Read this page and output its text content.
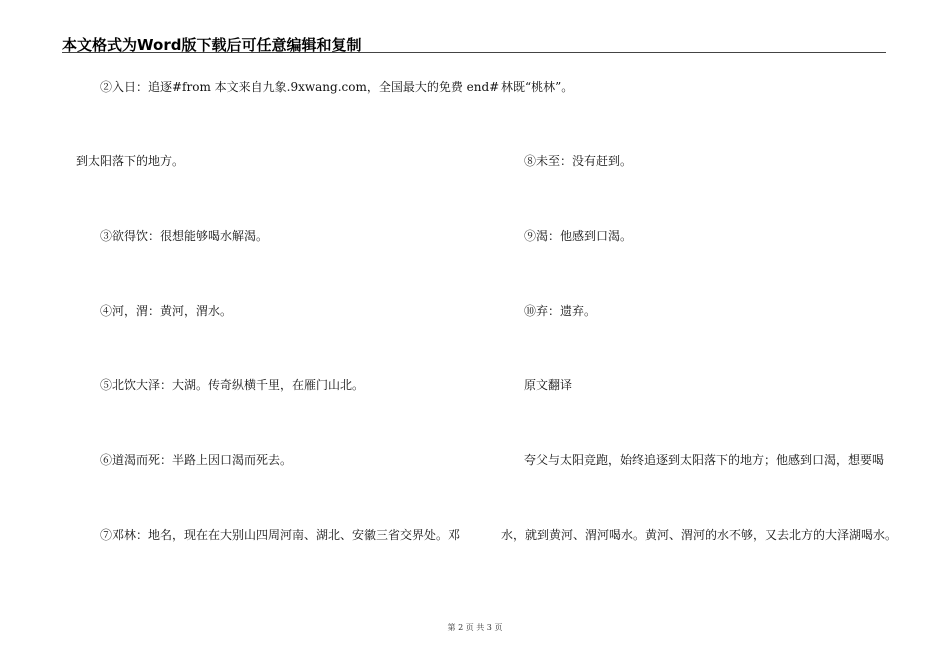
本文格式为Word版下载后可任意编辑和复制
②入日：追逐#from 本文来自九象.9xwang.com，全国最大的免费 end#
到太阳落下的地方。
③欲得饮：很想能够喝水解渴。
④河，渭：黄河，渭水。
⑤北饮大泽：大湖。传奇纵横千里，在雁门山北。
⑥道渴而死：半路上因口渴而死去。
⑦邓林：地名，现在在大别山四周河南、湖北、安徽三省交界处。邓
林既“桃林”。
⑧未至：没有赶到。
⑨渴：他感到口渴。
⑩弃：遗弃。
原文翻译
夸父与太阳竞跑，始终追逐到太阳落下的地方；他感到口渴，想要喝
水，就到黄河、渭河喝水。黄河、渭河的水不够，又去北方的大泽湖喝水。
第 2 页 共 3 页
